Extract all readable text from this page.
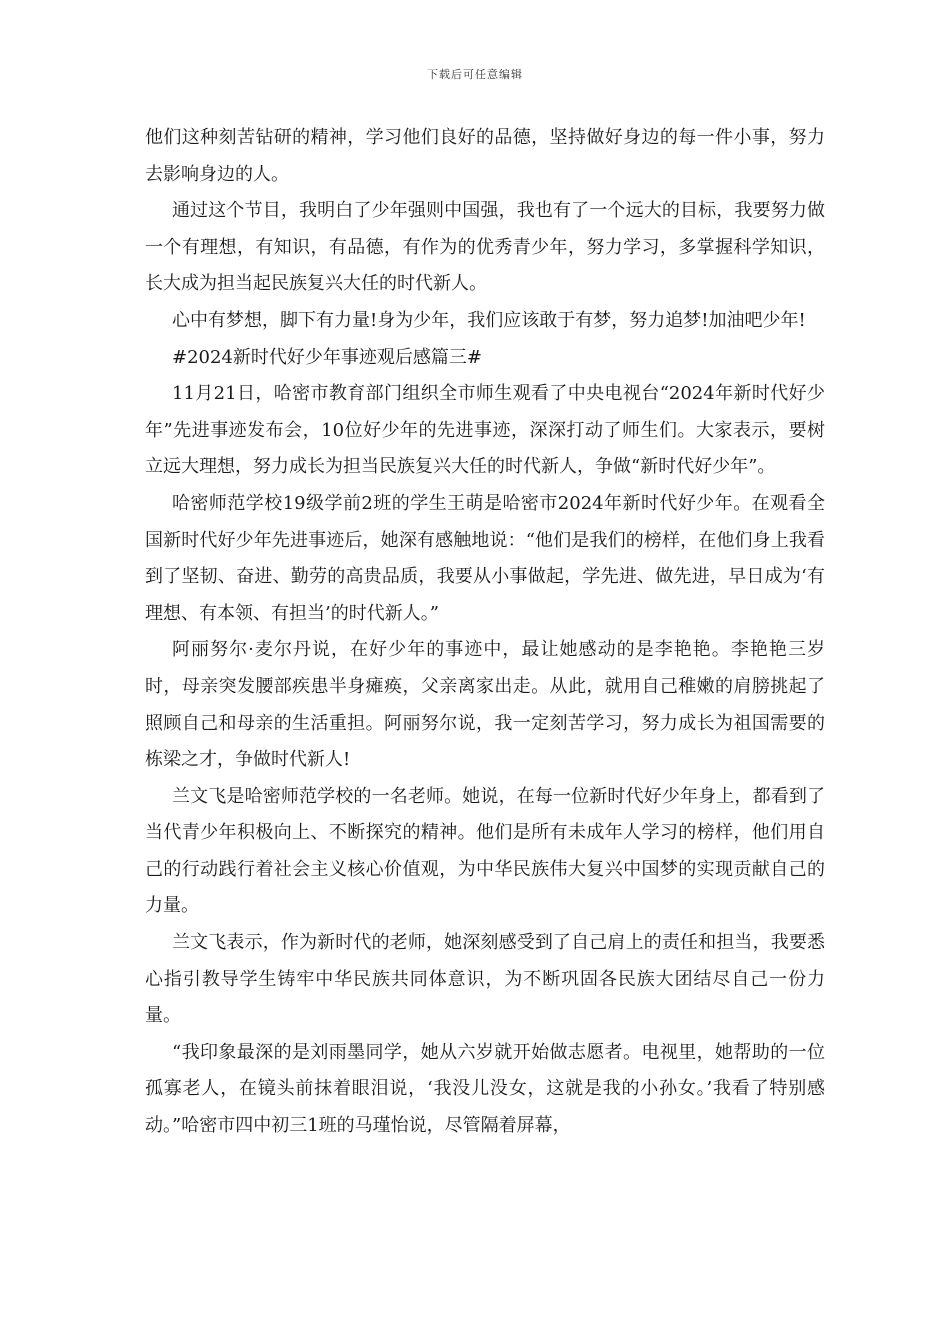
下载后可任意编辑

他们这种刻苦钻研的精神，学习他们良好的品德，坚持做好身边的每一件小事，努力去影响身边的人。

通过这个节目，我明白了少年强则中国强，我也有了一个远大的目标，我要努力做一个有理想，有知识，有品德，有作为的优秀青少年，努力学习，多掌握科学知识，长大成为担当起民族复兴大任的时代新人。

心中有梦想，脚下有力量!身为少年，我们应该敢于有梦，努力追梦!加油吧少年!

#2024新时代好少年事迹观后感篇三#

11月21日，哈密市教育部门组织全市师生观看了中央电视台“2024年新时代好少年”先进事迹发布会，10位好少年的先进事迹，深深打动了师生们。大家表示，要树立远大理想，努力成长为担当民族复兴大任的时代新人，争做“新时代好少年”。

哈密师范学校19级学前2班的学生王萌是哈密市2024年新时代好少年。在观看全国新时代好少年先进事迹后，她深有感触地说：“他们是我们的榜样，在他们身上我看到了坚韧、奋进、勤劳的高贵品质，我要从小事做起，学先进、做先进，早日成为‘有理想、有本领、有担当’的时代新人。”

阿丽努尔·麦尔丹说，在好少年的事迹中，最让她感动的是李艳艳。李艳艳三岁时，母亲突发腰部疾患半身瘫痪，父亲离家出走。从此，就用自己稚嫩的肩膀挑起了照顾自己和母亲的生活重担。阿丽努尔说，我一定刻苦学习，努力成长为祖国需要的栋梁之才，争做时代新人!

兰文飞是哈密师范学校的一名老师。她说，在每一位新时代好少年身上，都看到了当代青少年积极向上、不断探究的精神。他们是所有未成年人学习的榜样，他们用自己的行动践行着社会主义核心价值观，为中华民族伟大复兴中国梦的实现贡献自己的力量。

兰文飞表示，作为新时代的老师，她深刻感受到了自己肩上的责任和担当，我要悉心指引教导学生铸牢中华民族共同体意识，为不断巩固各民族大团结尽自己一份力量。

“我印象最深的是刘雨墨同学，她从六岁就开始做志愿者。电视里，她帮助的一位孤寡老人，在镜头前抹着眼泪说，‘我没儿没女，这就是我的小孙女。’我看了特别感动。”哈密市四中初三1班的马瑾怡说，尽管隔着屏幕，
